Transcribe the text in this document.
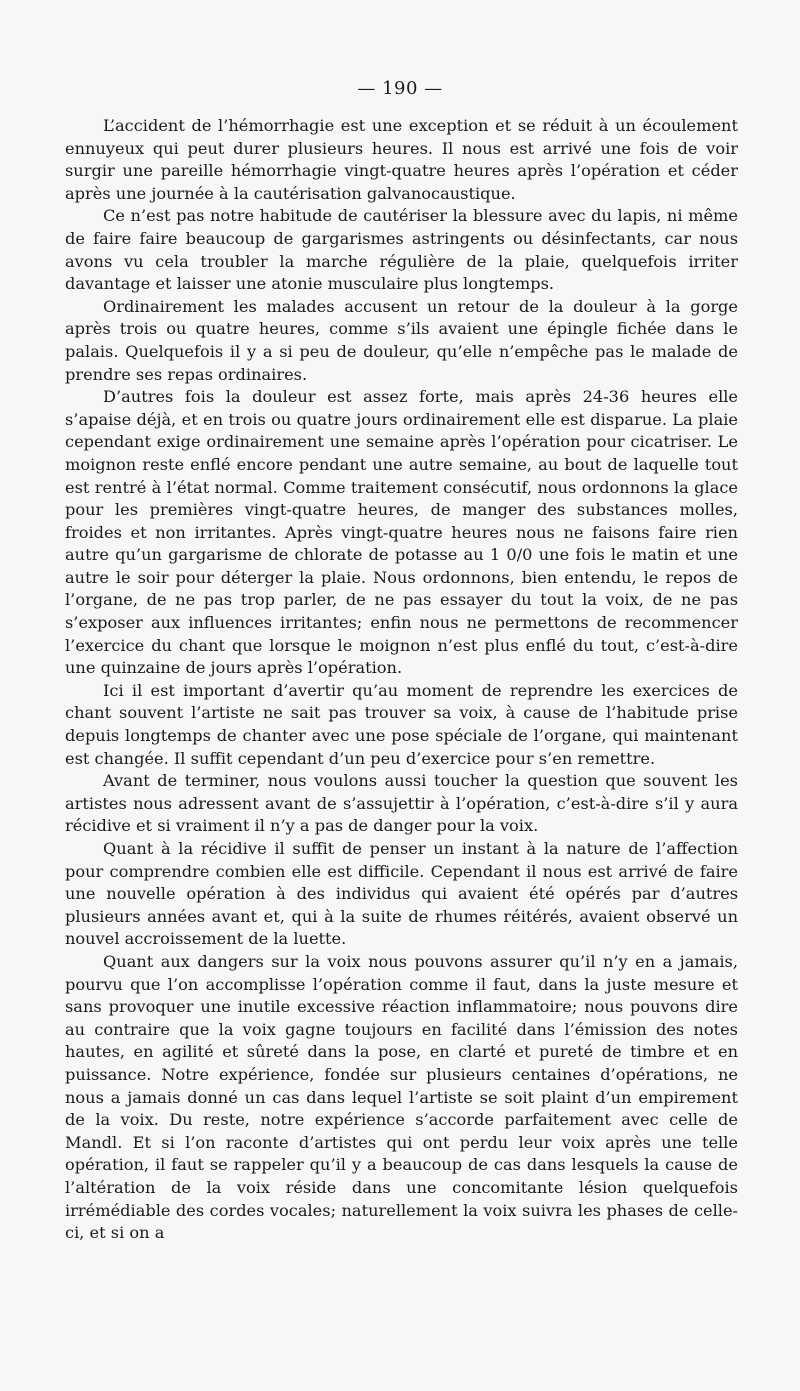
— 190 —

L’accident de l’hémorrhagie est une exception et se réduit à un écoulement ennuyeux qui peut durer plusieurs heures. Il nous est arrivé une fois de voir surgir une pareille hémorrhagie vingt-quatre heures après l’opération et céder après une journée à la cautérisation galvanocaustique.

Ce n’est pas notre habitude de cautériser la blessure avec du lapis, ni même de faire faire beaucoup de gargarismes astringents ou désinfectants, car nous avons vu cela troubler la marche régulière de la plaie, quelquefois irriter davantage et laisser une atonie musculaire plus longtemps.

Ordinairement les malades accusent un retour de la douleur à la gorge après trois ou quatre heures, comme s’ils avaient une épingle fichée dans le palais. Quelquefois il y a si peu de douleur, qu’elle n’empêche pas le malade de prendre ses repas ordinaires.

D’autres fois la douleur est assez forte, mais après 24-36 heures elle s’apaise déjà, et en trois ou quatre jours ordinairement elle est disparue. La plaie cependant exige ordinairement une semaine après l’opération pour cicatriser. Le moignon reste enflé encore pendant une autre semaine, au bout de laquelle tout est rentré à l’état normal. Comme traitement consécutif, nous ordonnons la glace pour les premières vingt-quatre heures, de manger des substances molles, froides et non irritantes. Après vingt-quatre heures nous ne faisons faire rien autre qu’un gargarisme de chlorate de potasse au 1 0/0 une fois le matin et une autre le soir pour déterger la plaie. Nous ordonnons, bien entendu, le repos de l’organe, de ne pas trop parler, de ne pas essayer du tout la voix, de ne pas s’exposer aux influences irritantes; enfin nous ne permettons de recommencer l’exercice du chant que lorsque le moignon n’est plus enflé du tout, c’est-à-dire une quinzaine de jours après l’opération.

Ici il est important d’avertir qu’au moment de reprendre les exercices de chant souvent l’artiste ne sait pas trouver sa voix, à cause de l’habitude prise depuis longtemps de chanter avec une pose spéciale de l’organe, qui maintenant est changée. Il suffit cependant d’un peu d’exercice pour s’en remettre.

Avant de terminer, nous voulons aussi toucher la question que souvent les artistes nous adressent avant de s’assujettir à l’opération, c’est-à-dire s’il y aura récidive et si vraiment il n’y a pas de danger pour la voix.

Quant à la récidive il suffit de penser un instant à la nature de l’affection pour comprendre combien elle est difficile. Cependant il nous est arrivé de faire une nouvelle opération à des individus qui avaient été opérés par d’autres plusieurs années avant et, qui à la suite de rhumes réitérés, avaient observé un nouvel accroissement de la luette.

Quant aux dangers sur la voix nous pouvons assurer qu’il n’y en a jamais, pourvu que l’on accomplisse l’opération comme il faut, dans la juste mesure et sans provoquer une inutile excessive réaction inflammatoire; nous pouvons dire au contraire que la voix gagne toujours en facilité dans l’émission des notes hautes, en agilité et sûreté dans la pose, en clarté et pureté de timbre et en puissance. Notre expérience, fondée sur plusieurs centaines d’opérations, ne nous a jamais donné un cas dans lequel l’artiste se soit plaint d’un empirement de la voix. Du reste, notre expérience s’accorde parfaitement avec celle de Mandl. Et si l’on raconte d’artistes qui ont perdu leur voix après une telle opération, il faut se rappeler qu’il y a beaucoup de cas dans lesquels la cause de l’altération de la voix réside dans une concomitante lésion quelquefois irrémédiable des cordes vocales; naturellement la voix suivra les phases de celle-ci, et si on a
